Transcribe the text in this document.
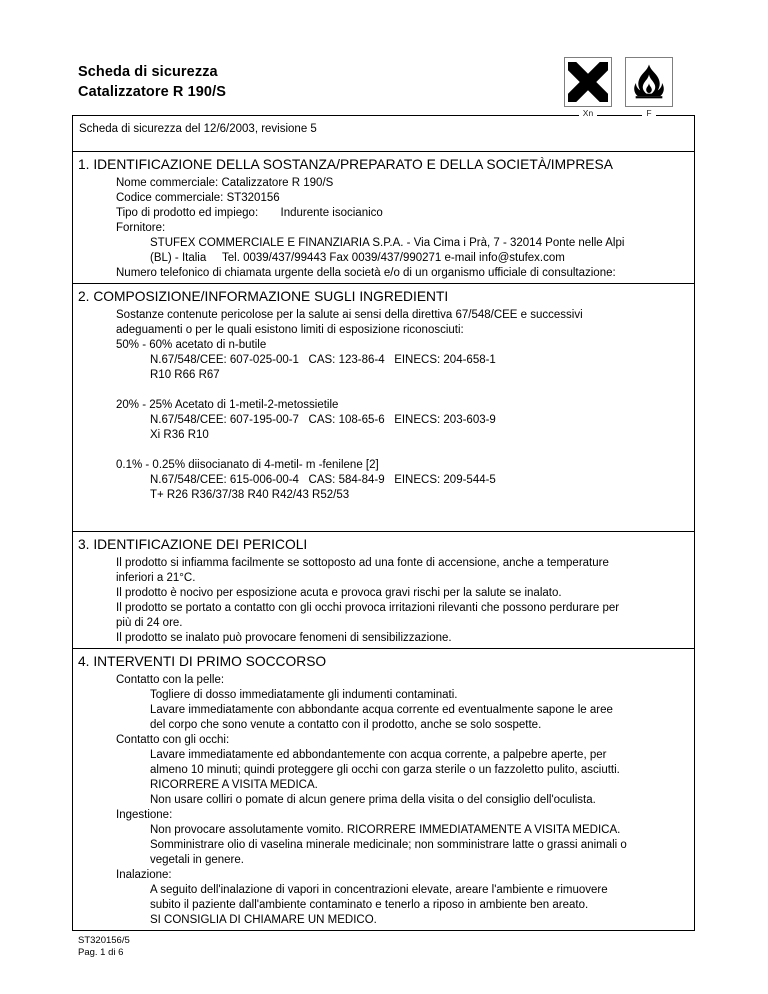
Scheda di sicurezza
Catalizzatore R 190/S
Xn	F
Scheda di sicurezza del 12/6/2003, revisione 5
1. IDENTIFICAZIONE DELLA SOSTANZA/PREPARATO E DELLA SOCIETÀ/IMPRESA
Nome commerciale: Catalizzatore R 190/S
Codice commerciale: ST320156
Tipo di prodotto ed impiego:       Indurente isocianico
Fornitore:
STUFEX COMMERCIALE E FINANZIARIA S.P.A. - Via Cima i Prà, 7 - 32014 Ponte nelle Alpi
(BL) - Italia     Tel. 0039/437/99443 Fax 0039/437/990271 e-mail info@stufex.com
Numero telefonico di chiamata urgente della società e/o di un organismo ufficiale di consultazione:
2. COMPOSIZIONE/INFORMAZIONE SUGLI INGREDIENTI
Sostanze contenute pericolose per la salute ai sensi della direttiva 67/548/CEE e successivi
adeguamenti o per le quali esistono limiti di esposizione riconosciuti:
50% - 60% acetato di n-butile
N.67/548/CEE: 607-025-00-1   CAS: 123-86-4   EINECS: 204-658-1
R10 R66 R67
20% - 25% Acetato di 1-metil-2-metossietile
N.67/548/CEE: 607-195-00-7   CAS: 108-65-6   EINECS: 203-603-9
Xi R36 R10
0.1% - 0.25% diisocianato di 4-metil- m -fenilene [2]
N.67/548/CEE: 615-006-00-4   CAS: 584-84-9   EINECS: 209-544-5
T+ R26 R36/37/38 R40 R42/43 R52/53
3. IDENTIFICAZIONE DEI PERICOLI
Il prodotto si infiamma facilmente se sottoposto ad una fonte di accensione, anche a temperature
inferiori a 21°C.
Il prodotto è nocivo per esposizione acuta e provoca gravi rischi per la salute se inalato.
Il prodotto se portato a contatto con gli occhi provoca irritazioni rilevanti che possono perdurare per
più di 24 ore.
Il prodotto se inalato può provocare fenomeni di sensibilizzazione.
4. INTERVENTI DI PRIMO SOCCORSO
Contatto con la pelle:
Togliere di dosso immediatamente gli indumenti contaminati.
Lavare immediatamente con abbondante acqua corrente ed eventualmente sapone le aree
del corpo che sono venute a contatto con il prodotto, anche se solo sospette.
Contatto con gli occhi:
Lavare immediatamente ed abbondantemente con acqua corrente, a palpebre aperte, per
almeno 10 minuti; quindi proteggere gli occhi con garza sterile o un fazzoletto pulito, asciutti.
RICORRERE A VISITA MEDICA.
Non usare colliri o pomate di alcun genere prima della visita o del consiglio dell'oculista.
Ingestione:
Non provocare assolutamente vomito. RICORRERE IMMEDIATAMENTE A VISITA MEDICA.
Somministrare olio di vaselina minerale medicinale; non somministrare latte o grassi animali o
vegetali in genere.
Inalazione:
A seguito dell'inalazione di vapori in concentrazioni elevate, areare l'ambiente e rimuovere
subito il paziente dall'ambiente contaminato e tenerlo a riposo in ambiente ben areato.
SI CONSIGLIA DI CHIAMARE UN MEDICO.
ST320156/5
Pag. 1 di 6
